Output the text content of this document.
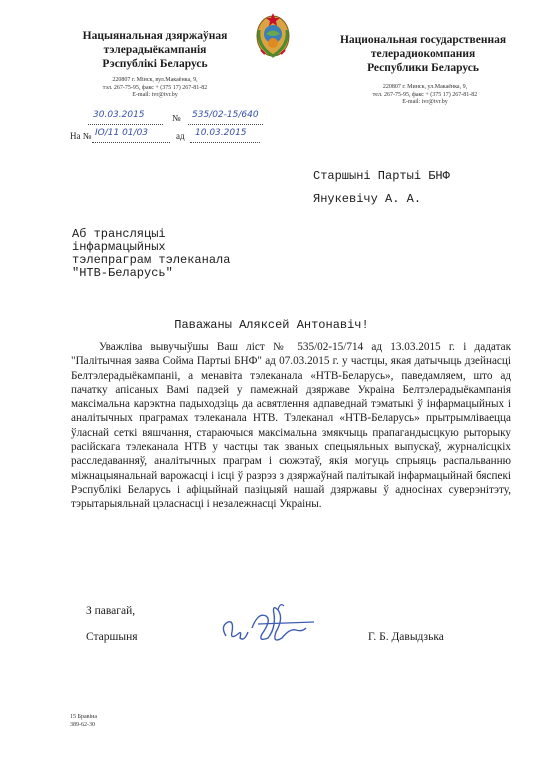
Нацыянальная дзяржаўная
тэлерадыёкампанія
Рэспублікі Беларусь
220807 г. Мінск, вул.Макаёнка, 9,
тэл. 267-75-95, факс + (375 17) 267-81-82
E-mail: tvr@tvr.by
Национальная государственная
телерадиокомпания
Республики Беларусь
220807 г. Минск, ул.Макаёнка, 9,
тел. 267-75-95, факс + (375 17) 267-81-82
E-mail: tvr@tvr.by
30.03.2015	№ 535/02-15/640
На № IО/11 01/03	ад 10.03.2015
Старшыні Партыі БНФ
Янукевічу А. А.
Аб трансляцыі
інфармацыйных
тэлепраграм тэлеканала
"НТВ-Беларусь"
Паважаны Аляксей Антонавіч!
Уважліва вывучыўшы Ваш ліст № 535/02-15/714 ад 13.03.2015 г. і дадатак "Палітычная заява Сойма Партыі БНФ" ад 07.03.2015 г. у частцы, якая датычыць дзейнасці Белтэлерадыёкампаніі, а менавіта тэлеканала «НТВ-Беларусь», паведамляем, што ад пачатку апісаных Вамі падзей у памежнай дзяржаве Украіна Белтэлерадыёкампанія максімальна карэктна падыходзіць да асвятлення адпаведнай тэматыкі ў інфармацыйных і аналітычных праграмах тэлеканала НТВ. Тэлеканал «НТВ-Беларусь» прытрымліваецца ўласнай сеткі вяшчання, стараючыся максімальна змякчыць прапагандысцкую рыторыку расійскага тэлеканала НТВ у частцы так званых спецыяльных выпускаў, журналісцкіх расследаванняў, аналітычных праграм і сюжэтаў, якія могуць спрыяць распальванню міжнацыянальнай варожасці і ісці ў разрэз з дзяржаўнай палітыкай інфармацыйнай бяспекі Рэспублікі Беларусь і афіцыйнай пазіцыяй нашай дзяржавы ў адносінах суверэнітэту, тэрытарыяльнай цэласнасці і незалежнасці Украіны.
З павагай,
Старшыня	Г. Б. Давыдзька
15 Бравіна
389-62-30
